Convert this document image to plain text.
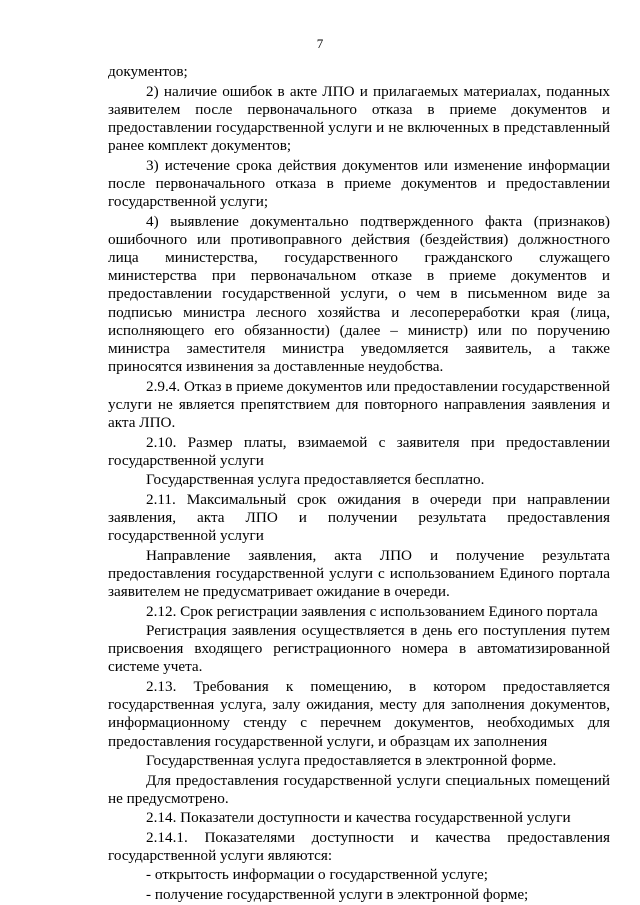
7

документов;

2) наличие ошибок в акте ЛПО и прилагаемых материалах, поданных заявителем после первоначального отказа в приеме документов и предоставлении государственной услуги и не включенных в представленный ранее комплект документов;

3) истечение срока действия документов или изменение информации после первоначального отказа в приеме документов и предоставлении государственной услуги;

4) выявление документально подтвержденного факта (признаков) ошибочного или противоправного действия (бездействия) должностного лица министерства, государственного гражданского служащего министерства при первоначальном отказе в приеме документов и предоставлении государственной услуги, о чем в письменном виде за подписью министра лесного хозяйства и лесопереработки края (лица, исполняющего его обязанности) (далее – министр) или по поручению министра заместителя министра уведомляется заявитель, а также приносятся извинения за доставленные неудобства.

2.9.4. Отказ в приеме документов или предоставлении государственной услуги не является препятствием для повторного направления заявления и акта ЛПО.

2.10. Размер платы, взимаемой с заявителя при предоставлении государственной услуги

Государственная услуга предоставляется бесплатно.

2.11. Максимальный срок ожидания в очереди при направлении заявления, акта ЛПО и получении результата предоставления государственной услуги

Направление заявления, акта ЛПО и получение результата предоставления государственной услуги с использованием Единого портала заявителем не предусматривает ожидание в очереди.

2.12. Срок регистрации заявления с использованием Единого портала

Регистрация заявления осуществляется в день его поступления путем присвоения входящего регистрационного номера в автоматизированной системе учета.

2.13. Требования к помещению, в котором предоставляется государственная услуга, залу ожидания, месту для заполнения документов, информационному стенду с перечнем документов, необходимых для предоставления государственной услуги, и образцам их заполнения

Государственная услуга предоставляется в электронной форме.

Для предоставления государственной услуги специальных помещений не предусмотрено.

2.14. Показатели доступности и качества государственной услуги

2.14.1. Показателями доступности и качества предоставления государственной услуги являются:

- открытость информации о государственной услуге;

- получение государственной услуги в электронной форме;
